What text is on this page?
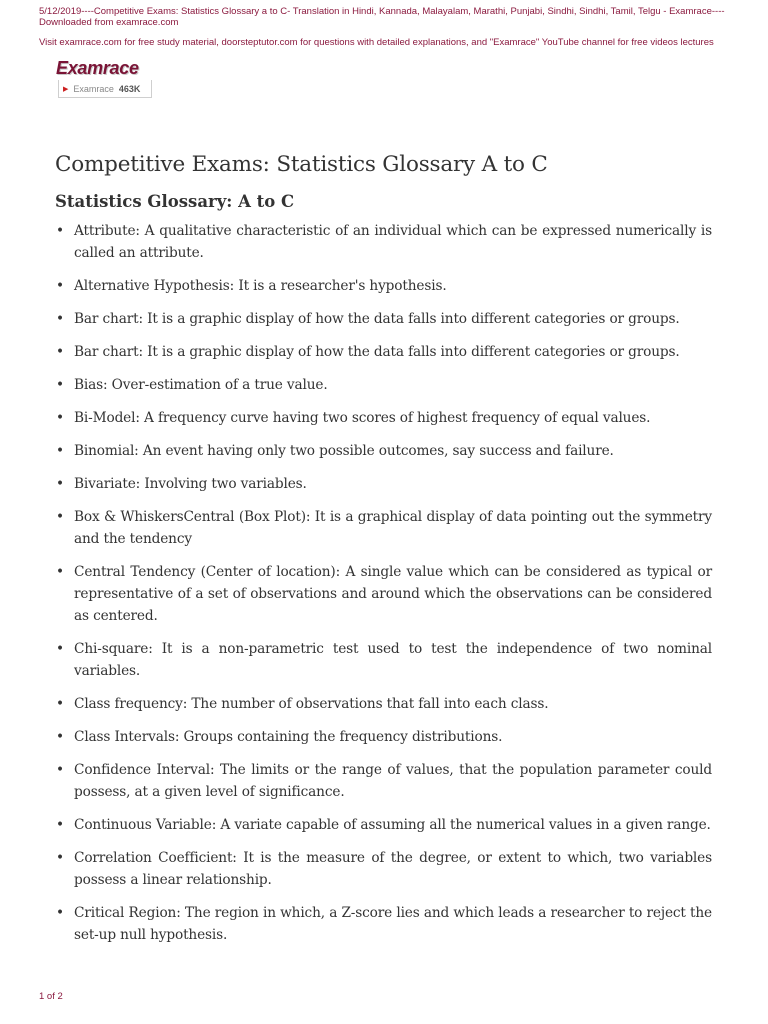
5/12/2019----Competitive Exams: Statistics Glossary a to C- Translation in Hindi, Kannada, Malayalam, Marathi, Punjabi, Sindhi, Sindhi, Tamil, Telgu - Examrace----Downloaded from examrace.com
Visit examrace.com for free study material, doorsteptutor.com for questions with detailed explanations, and "Examrace" YouTube channel for free videos lectures
Examrace
▶ Examrace 463K
Competitive Exams: Statistics Glossary A to C
Statistics Glossary: A to C
• Attribute: A qualitative characteristic of an individual which can be expressed numerically is called an attribute.
• Alternative Hypothesis: It is a researcher's hypothesis.
• Bar chart: It is a graphic display of how the data falls into different categories or groups.
• Bar chart: It is a graphic display of how the data falls into different categories or groups.
• Bias: Over-estimation of a true value.
• Bi-Model: A frequency curve having two scores of highest frequency of equal values.
• Binomial: An event having only two possible outcomes, say success and failure.
• Bivariate: Involving two variables.
• Box & WhiskersCentral (Box Plot): It is a graphical display of data pointing out the symmetry and the tendency
• Central Tendency (Center of location): A single value which can be considered as typical or representative of a set of observations and around which the observations can be considered as centered.
• Chi-square: It is a non-parametric test used to test the independence of two nominal variables.
• Class frequency: The number of observations that fall into each class.
• Class Intervals: Groups containing the frequency distributions.
• Confidence Interval: The limits or the range of values, that the population parameter could possess, at a given level of significance.
• Continuous Variable: A variate capable of assuming all the numerical values in a given range.
• Correlation Coefficient: It is the measure of the degree, or extent to which, two variables possess a linear relationship.
• Critical Region: The region in which, a Z-score lies and which leads a researcher to reject the set-up null hypothesis.
1 of 2
